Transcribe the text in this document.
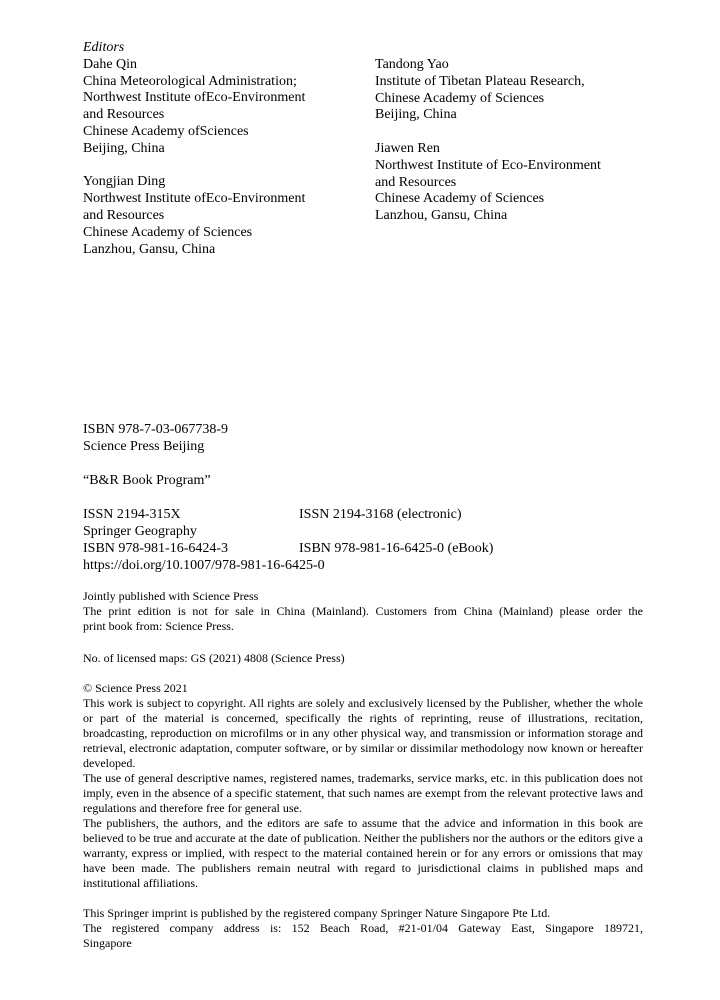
Editors
Dahe Qin
China Meteorological Administration;
Northwest Institute ofEco-Environment
and Resources
Chinese Academy ofSciences
Beijing, China
Yongjian Ding
Northwest Institute ofEco-Environment
and Resources
Chinese Academy of Sciences
Lanzhou, Gansu, China
Tandong Yao
Institute of Tibetan Plateau Research,
Chinese Academy of Sciences
Beijing, China
Jiawen Ren
Northwest Institute of Eco-Environment
and Resources
Chinese Academy of Sciences
Lanzhou, Gansu, China
ISBN 978-7-03-067738-9
Science Press Beijing
“B&R Book Program”
ISSN 2194-315X	ISSN 2194-3168 (electronic)
Springer Geography
ISBN 978-981-16-6424-3	ISBN 978-981-16-6425-0 (eBook)
https://doi.org/10.1007/978-981-16-6425-0
Jointly published with Science Press
The print edition is not for sale in China (Mainland). Customers from China (Mainland) please order the
print book from: Science Press.
No. of licensed maps: GS (2021) 4808 (Science Press)
© Science Press 2021
This work is subject to copyright. All rights are solely and exclusively licensed by the Publisher, whether the whole or part of the material is concerned, specifically the rights of reprinting, reuse of illustrations, recitation, broadcasting, reproduction on microfilms or in any other physical way, and transmission or information storage and retrieval, electronic adaptation, computer software, or by similar or dissimilar methodology now known or hereafter developed.
The use of general descriptive names, registered names, trademarks, service marks, etc. in this publication does not imply, even in the absence of a specific statement, that such names are exempt from the relevant protective laws and regulations and therefore free for general use.
The publishers, the authors, and the editors are safe to assume that the advice and information in this book are believed to be true and accurate at the date of publication. Neither the publishers nor the authors or the editors give a warranty, express or implied, with respect to the material contained herein or for any errors or omissions that may have been made. The publishers remain neutral with regard to jurisdictional claims in published maps and institutional affiliations.
This Springer imprint is published by the registered company Springer Nature Singapore Pte Ltd.
The registered company address is: 152 Beach Road, #21-01/04 Gateway East, Singapore 189721,
Singapore
